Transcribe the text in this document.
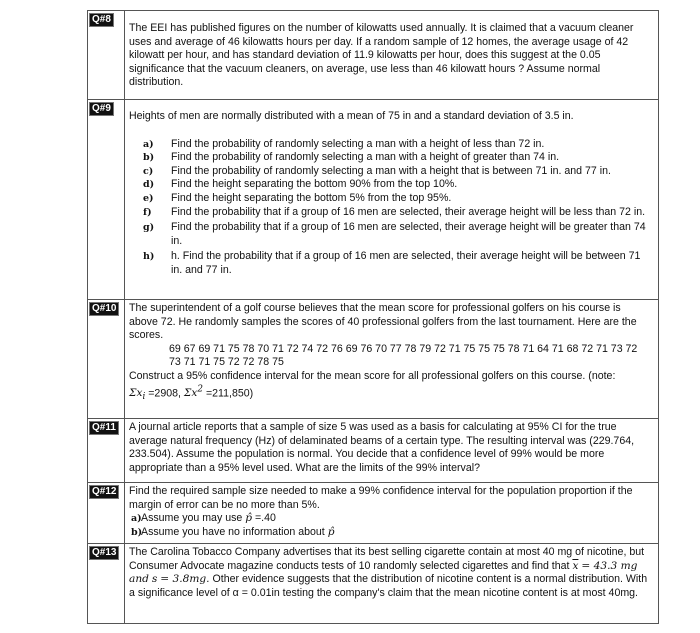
Q#8

The EEI has published figures on the number of kilowatts used annually. It is claimed that a vacuum cleaner uses and average of 46 kilowatts hours per day. If a random sample of 12 homes, the average usage of 42 kilowatt per hour, and has standard deviation of 11.9 kilowatts per hour, does this suggest at the 0.05 significance that the vacuum cleaners, on average, use less than 46 kilowatt hours ? Assume normal distribution.

Q#9

Heights of men are normally distributed with a mean of 75 in and a standard deviation of 3.5 in.

a) Find the probability of randomly selecting a man with a height of less than 72 in.
b) Find the probability of randomly selecting a man with a height of greater than 74 in.
c) Find the probability of randomly selecting a man with a height that is between 71 in. and 77 in.
d) Find the height separating the bottom 90% from the top 10%.
e) Find the height separating the bottom 5% from the top 95%.
f) Find the probability that if a group of 16 men are selected, their average height will be less than 72 in.
g) Find the probability that if a group of 16 men are selected, their average height will be greater than 74 in.
h) h. Find the probability that if a group of 16 men are selected, their average height will be between 71 in. and 77 in.
Q#10 The superintendent of a golf course believes that the mean score for professional golfers on his course is above 72. He randomly samples the scores of 40 professional golfers from the last tournament. Here are the scores.

69 67 69 71 75 78 70 71 72 74 72 76 69 76 70 77 78 79 72 71 75 75 75 78 71 64 71 68 72 71 73 72 73 71 71 75 72 72 78 75

Construct a 95% confidence interval for the mean score for all professional golfers on this course. (note:
$\Sigma x_i =2908$, $\Sigma x^2 =211,850$)

Q#11 A journal article reports that a sample of size 5 was used as a basis for calculating at 95% CI for the true average natural frequency (Hz) of delaminated beams of a certain type. The resulting interval was (229.764, 233.504). Assume the population is normal. You decide that a confidence level of 99% would be more appropriate than a 95% level used. What are the limits of the 99% interval?

Q#12 Find the required sample size needed to make a 99% confidence interval for the population proportion if the margin of error can be no more than 5%.

a) Assume you may use p̂ =.40
b)
Assume you have no information about p̂
Q#13 The Carolina Tobacco Company advertises that its best selling cigarette contain at most 40 mg of nicotine, but Consumer Advocate magazine conducts tests of 10 randomly selected cigarettes and find that $\overline{x} = 43.3$ mg and s = 3.8mg. Other evidence suggests that the distribution of nicotine content is a normal distribution. With a significance level of α = 0.01in testing the company's claim that the mean nicotine content is at most 40mg.
